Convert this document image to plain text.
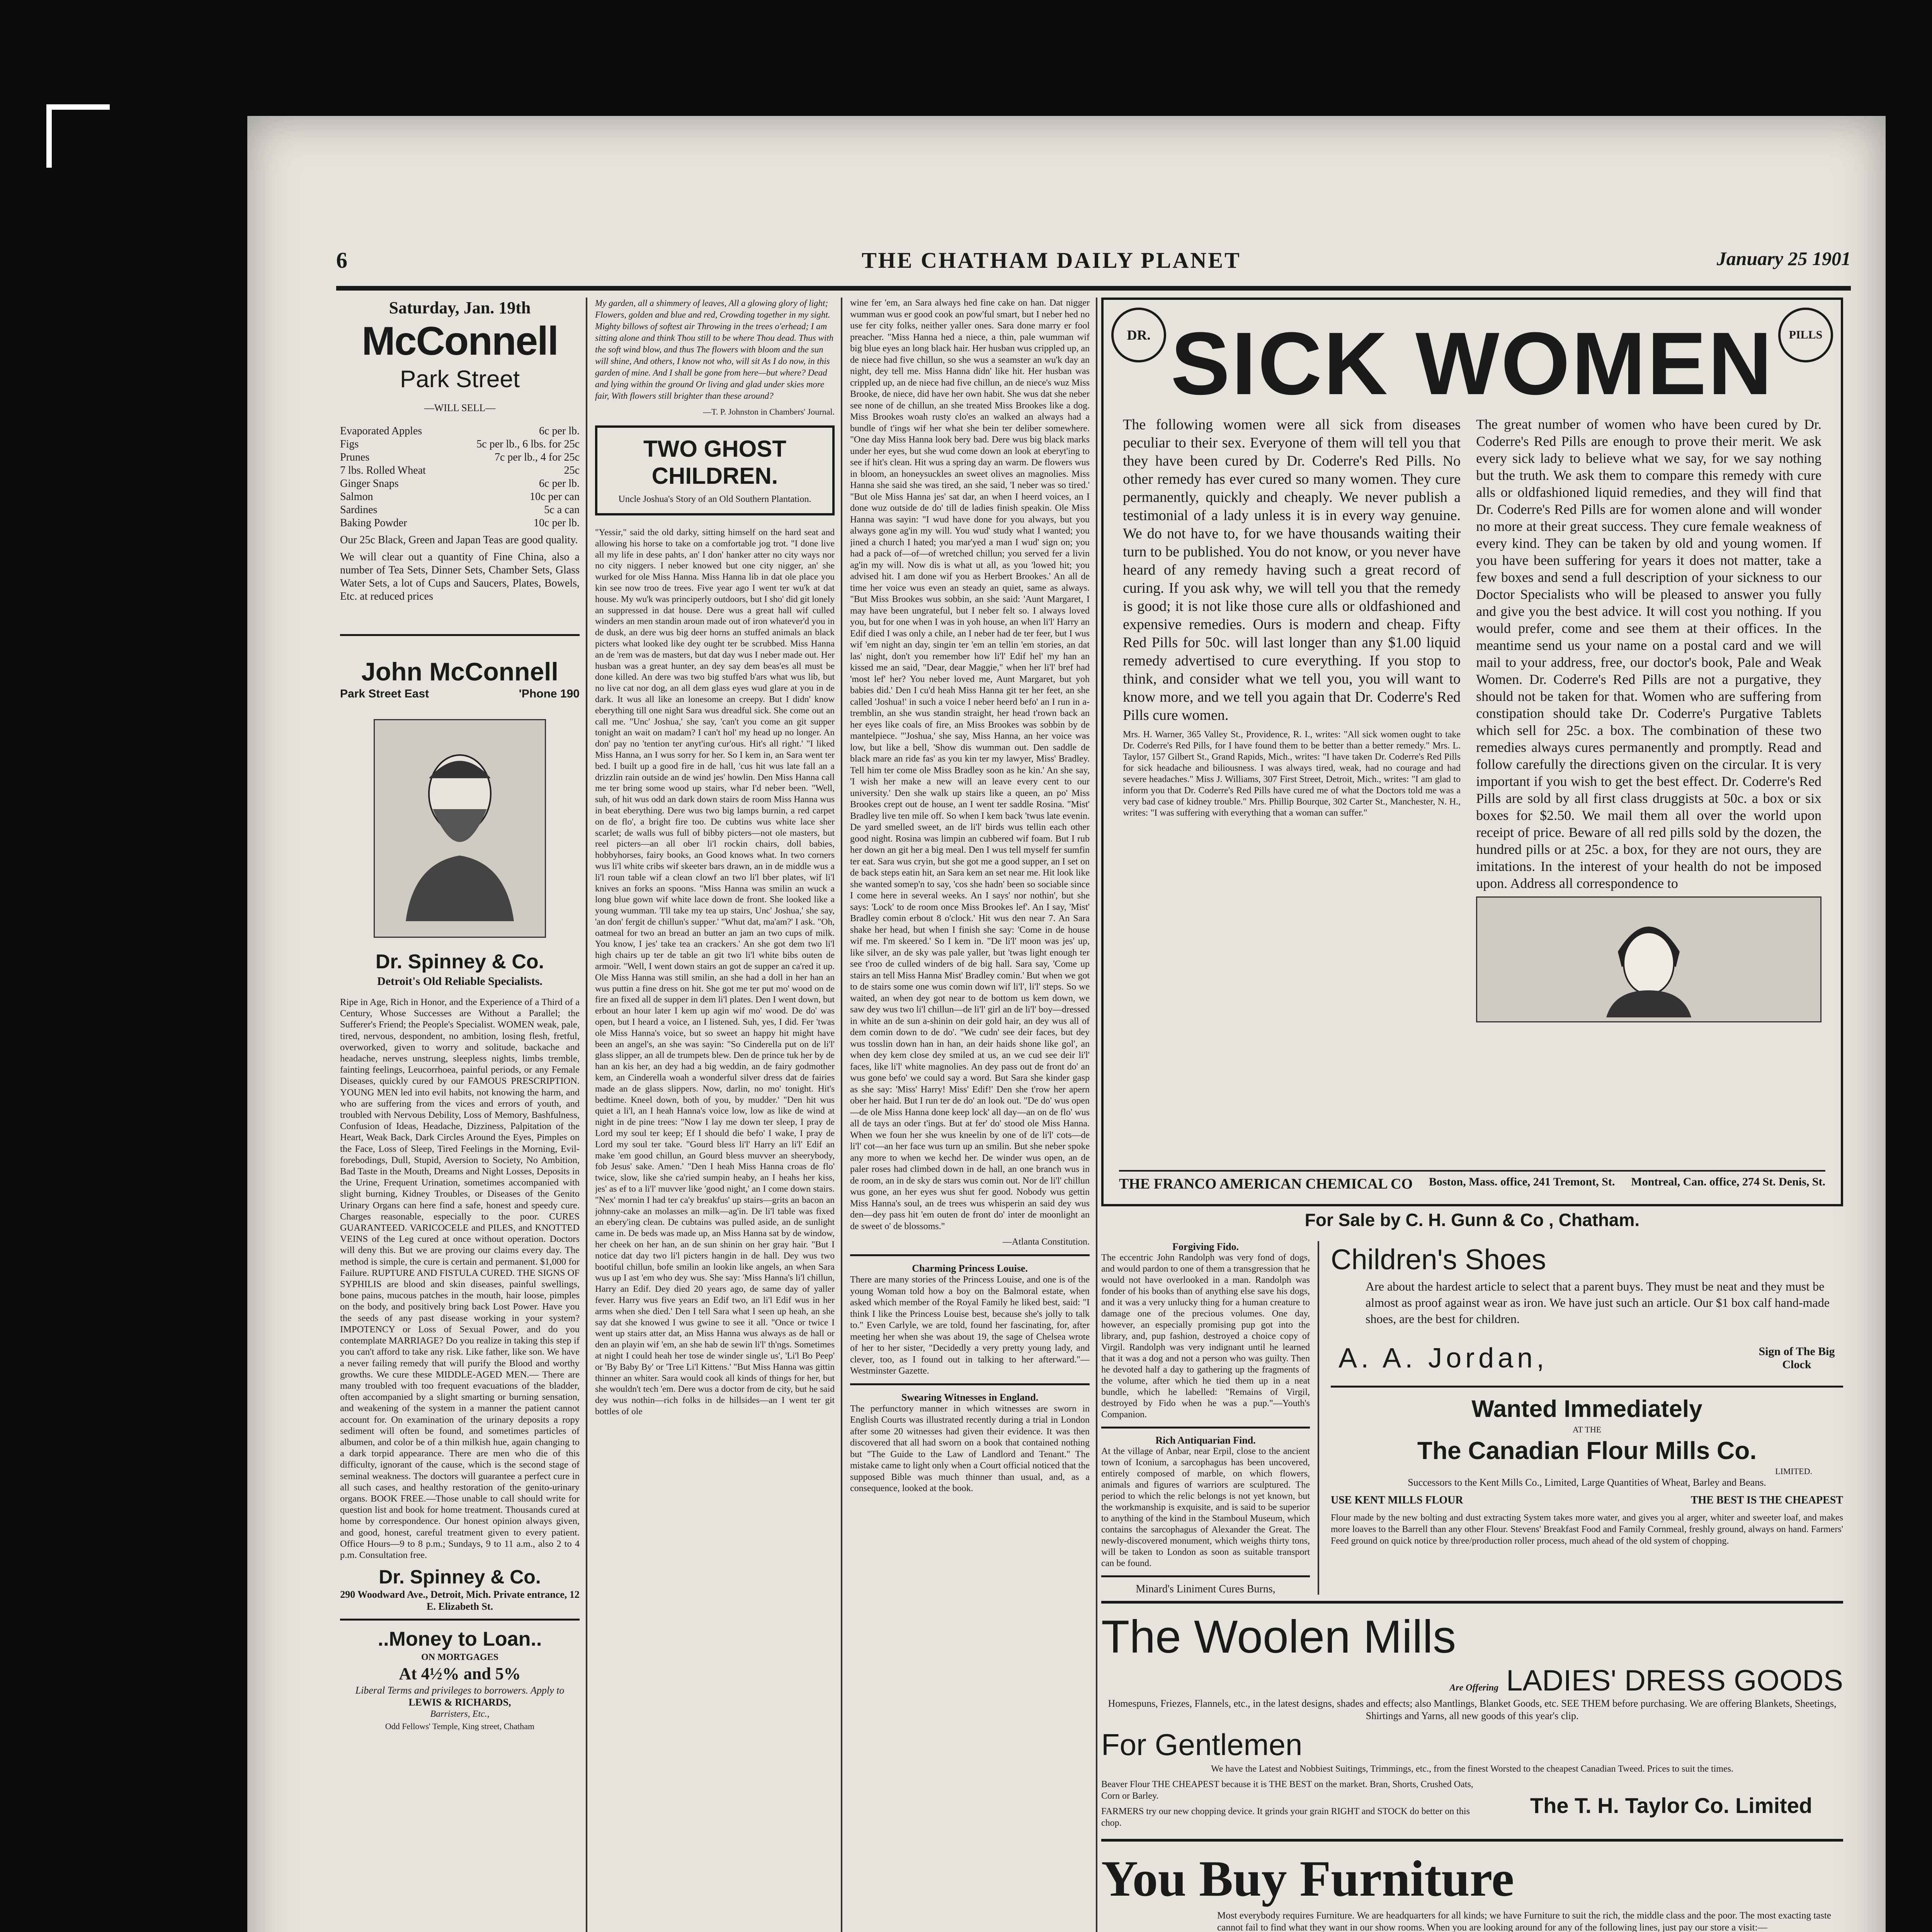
6	THE CHATHAM DAILY PLANET	January 25 1901
Saturday, Jan. 19th
McConnell
Park Street
—WILL SELL—
Evaporated Apples	6c per lb.
Figs	5c per lb., 6 lbs. for 25c
Prunes	7c per lb., 4 for 25c
7 lbs. Rolled Wheat	25c
Ginger Snaps	6c per lb.
Salmon	10c per can
Sardines	5c a can
Baking Powder	10c per lb.

Our 25c Black, Green and Japan Teas are good quality.

We will clear out a quantity of Fine China, also a number of Tea Sets, Dinner Sets, Chamber Sets, Glass Water Sets, a lot of Cups and Saucers, Plates, Bowels, Etc. at reduced prices

John McConnell
Park Street East	'Phone 190
Dr. Spinney & Co.
Detroit's Old Reliable Specialists.

Ripe in Age, Rich in Honor, and the Experience of a Third of a Century, Whose Successes are Without a Parallel; the Sufferer's Friend; the People's Specialist. WOMEN weak, pale, tired, nervous, despondent, no ambition, losing flesh, fretful, overworked, given to worry and solitude, backache and headache, nerves unstrung, sleepless nights, limbs tremble, fainting feelings, Leucorrhoea, painful periods, or any Female Diseases, quickly cured by our FAMOUS PRESCRIPTION. YOUNG MEN led into evil habits, not knowing the harm, and who are suffering from the vices and errors of youth, and troubled with Nervous Debility, Loss of Memory, Bashfulness, Confusion of Ideas, Headache, Dizziness, Palpitation of the Heart, Weak Back, Dark Circles Around the Eyes, Pimples on the Face, Loss of Sleep, Tired Feelings in the Morning, Evil-forebodings, Dull, Stupid, Aversion to Society, No Ambition, Bad Taste in the Mouth, Dreams and Night Losses, Deposits in the Urine, Frequent Urination, sometimes accompanied with slight burning, Kidney Troubles, or Diseases of the Genito Urinary Organs can here find a safe, honest and speedy cure. Charges reasonable, especially to the poor. CURES GUARANTEED. VARICOCELE and PILES, and KNOTTED VEINS of the Leg cured at once without operation. Doctors will deny this. But we are proving our claims every day. The method is simple, the cure is certain and permanent. $1,000 for Failure. RUPTURE AND FISTULA CURED. THE SIGNS OF SYPHILIS are blood and skin diseases, painful swellings, bone pains, mucous patches in the mouth, hair loose, pimples on the body, and positively bring back Lost Power. Have you the seeds of any past disease working in your system? IMPOTENCY or Loss of Sexual Power, and do you contemplate MARRIAGE? Do you realize in taking this step if you can't afford to take any risk. Like father, like son. We have a never failing remedy that will purify the Blood and worthy growths. We cure these MIDDLE-AGED MEN.— There are many troubled with too frequent evacuations of the bladder, often accompanied by a slight smarting or burning sensation, and weakening of the system in a manner the patient cannot account for. On examination of the urinary deposits a ropy sediment will often be found, and sometimes particles of albumen, and color be of a thin milkish hue, again changing to a dark torpid appearance. There are men who die of this difficulty, ignorant of the cause, which is the second stage of seminal weakness. The doctors will guarantee a perfect cure in all such cases, and healthy restoration of the genito-urinary organs. BOOK FREE.—Those unable to call should write for question list and book for home treatment. Thousands cured at home by correspondence. Our honest opinion always given, and good, honest, careful treatment given to every patient. Office Hours—9 to 8 p.m.; Sundays, 9 to 11 a.m., also 2 to 4 p.m. Consultation free.

Dr. Spinney & Co.
290 Woodward Ave., Detroit, Mich. Private entrance, 12 E. Elizabeth St.
..Money to Loan..
ON MORTGAGES
At 4½% and 5%
Liberal Terms and privileges to borrowers. Apply to
LEWIS & RICHARDS,
Barristers, Etc.,
Odd Fellows' Temple, King street, Chatham

My garden, all a shimmery of leaves, All a glowing glory of light; Flowers, golden and blue and red, Crowding together in my sight. Mighty billows of softest air Throwing in the trees o'erhead; I am sitting alone and think Thou still to be where Thou dead. Thus with the soft wind blow, and thus The flowers with bloom and the sun will shine, And others, I know not who, will sit As I do now, in this garden of mine. And I shall be gone from here—but where? Dead and lying within the ground Or living and glad under skies more fair, With flowers still brighter than these around?

—T. P. Johnston in Chambers' Journal.

TWO GHOST CHILDREN.
Uncle Joshua's Story of an Old Southern Plantation.

"Yessir," said the old darky, sitting himself on the hard seat and allowing his horse to take on a comfortable jog trot. "I done live all my life in dese pahts, an' I don' hanker atter no city ways nor no city niggers. I neber knowed but one city nigger, an' she wurked for ole Miss Hanna. Miss Hanna lib in dat ole place you kin see now troo de trees. Five year ago I went ter wu'k at dat house. My wu'k was principerly outdoors, but I sho' did git lonely an suppressed in dat house. Dere wus a great hall wif culled winders an men standin aroun made out of iron whatever'd you in de dusk, an dere wus big deer horns an stuffed animals an black picters what looked like dey ought ter be scrubbed. Miss Hanna an de 'rem was de masters, but dat day wus I neber made out. Her husban was a great hunter, an dey say dem beas'es all must be done killed. An dere was two big stuffed b'ars what wus lib, but no live cat nor dog, an all dem glass eyes wud glare at you in de dark. It wus all like an lonesome an creepy. But I didn' know eberything till one night Sara wus dreadful sick. She come out an call me. "Unc' Joshua,' she say, 'can't you come an git supper tonight an wait on madam? I can't hol' my head up no longer. An don' pay no 'tention ter anyt'ing cur'ous. Hit's all right.' "I liked Miss Hanna, an I wus sorry for her. So I kem in, an Sara went ter bed. I built up a good fire in de hall, 'cus hit wus late fall an a drizzlin rain outside an de wind jes' howlin. Den Miss Hanna call me ter bring some wood up stairs, whar I'd neber been. "Well, suh, of hit wus odd an dark down stairs de room Miss Hanna wus in beat eberything. Dere wus two big lamps burnin, a red carpet on de flo', a bright fire too. De cubtins wus white lace sher scarlet; de walls wus full of bibby picters—not ole masters, but reel picters—an all ober li'l rockin chairs, doll babies, hobbyhorses, fairy books, an Good knows what. In two corners wus li'l white cribs wif skeeter bars drawn, an in de middle wus a li'l roun table wif a clean clowf an two li'l bber plates, wif li'l knives an forks an spoons. "Miss Hanna was smilin an wuck a long blue gown wif white lace down de front. She looked like a young wumman. 'I'll take my tea up stairs, Unc' Joshua,' she say, 'an don' fergit de chillun's supper.' "Whut dat, ma'am?' I ask. "Oh, oatmeal for two an bread an butter an jam an two cups of milk. You know, I jes' take tea an crackers.' An she got dem two li'l high chairs up ter de table an git two li'l white bibs outen de armoir. "Well, I went down stairs an got de supper an ca'red it up. Ole Miss Hanna was still smilin, an she had a doll in her han an wus puttin a fine dress on hit. She got me ter put mo' wood on de fire an fixed all de supper in dem li'l plates. Den I went down, but erbout an hour later I kem up agin wif mo' wood. De do' was open, but I heard a voice, an I listened. Suh, yes, I did. Fer 'twas ole Miss Hanna's voice, but so sweet an happy hit might have been an angel's, an she was sayin: "So Cinderella put on de li'l' glass slipper, an all de trumpets blew. Den de prince tuk her by de han an kis her, an dey had a big weddin, an de fairy godmother kem, an Cinderella woah a wonderful silver dress dat de fairies made an de glass slippers. Now, darlin, no mo' tonight. Hit's bedtime. Kneel down, both of you, by mudder.' "Den hit wus quiet a li'l, an I heah Hanna's voice low, low as like de wind at night in de pine trees: "Now I lay me down ter sleep, I pray de Lord my soul ter keep; Ef I should die befo' I wake, I pray de Lord my soul ter take. "Gourd bless li'l' Harry an li'l' Edif an make 'em good chillun, an Gourd bless muvver an sheerybody, fob Jesus' sake. Amen.' "Den I heah Miss Hanna croas de flo' twice, slow, like she ca'ried sumpin heaby, an I heahs her kiss, jes' as ef to a li'l' muvver like 'good night,' an I come down stairs. "Nex' mornin I had ter ca'y breakfus' up stairs—grits an bacon an johnny-cake an molasses an milk—ag'in. De li'l table was fixed an ebery'ing clean. De cubtains was pulled aside, an de sunlight came in. De beds was made up, an Miss Hanna sat by de window, her cheek on her han, an de sun shinin on her gray hair. "But I notice dat day two li'l picters hangin in de hall. Dey wus two bootiful chillun, bofe smilin an lookin like angels, an when Sara wus up I ast 'em who dey wus. She say: 'Miss Hanna's li'l chillun, Harry an Edif. Dey died 20 years ago, de same day of yaller fever. Harry wus five years an Edif two, an li'l Edif wus in her arms when she died.' Den I tell Sara what I seen up heah, an she say dat she knowed I wus gwine to see it all. "Once or twice I went up stairs atter dat, an Miss Hanna wus always as de hall or den an playin wif 'em, an she hab de sewin li'l' th'ngs. Sometimes at night I could heah her tose de winder single us', 'Li'l Bo Peep' or 'By Baby By' or 'Tree Li'l Kittens.' "But Miss Hanna was gittin thinner an whiter. Sara would cook all kinds of things for her, but she wouldn't tech 'em. Dere wus a doctor from de city, but he said dey wus nothin—rich folks in de hillsides—an I went ter git bottles of ole

wine fer 'em, an Sara always hed fine cake on han. Dat nigger wumman wus er good cook an pow'ful smart, but I neber hed no use fer city folks, neither yaller ones. Sara done marry er fool preacher. "Miss Hanna hed a niece, a thin, pale wumman wif big blue eyes an long black hair. Her husban wus crippled up, an de niece had five chillun, so she wus a seamster an wu'k day an night, dey tell me. Miss Hanna didn' like hit. Her husban was crippled up, an de niece had five chillun, an de niece's wuz Miss Brooke, de niece, did have her own habit. She wus dat she neber see none of de chillun, an she treated Miss Brookes like a dog. Miss Brookes woah rusty clo'es an walked an always had a bundle of t'ings wif her what she bein ter deliber somewhere. "One day Miss Hanna look bery bad. Dere wus big black marks under her eyes, but she wud come down an look at eberyt'ing to see if hit's clean. Hit wus a spring day an warm. De flowers wus in bloom, an honeysuckles an sweet olives an magnolies. Miss Hanna she said she was tired, an she said, 'I neber was so tired.' "But ole Miss Hanna jes' sat dar, an when I heerd voices, an I done wuz outside de do' till de ladies finish speakin. Ole Miss Hanna was sayin: "I wud have done for you always, but you always gone ag'in my will. You wud' study what I wanted; you jined a church I hated; you mar'yed a man I wud' sign on; you had a pack of—of—of wretched chillun; you served fer a livin ag'in my will. Now dis is what ut all, as you 'lowed hit; you advised hit. I am done wif you as Herbert Brookes.' An all de time her voice wus even an steady an quiet, same as always. "But Miss Brookes wus sobbin, an she said: 'Aunt Margaret, I may have been ungrateful, but I neber felt so. I always loved you, but for one when I was in yoh house, an when li'l' Harry an Edif died I was only a chile, an I neber had de ter feer, but I wus wif 'em night an day, singin ter 'em an tellin 'em stories, an dat las' night, don't you remember how li'l' Edif hel' my han an kissed me an said, "Dear, dear Maggie," when her li'l' bref had 'most lef' her? You neber loved me, Aunt Margaret, but yoh babies did.' Den I cu'd heah Miss Hanna git ter her feet, an she called 'Joshua!' in such a voice I neber heerd befo' an I run in a-tremblin, an she wus standin straight, her head t'rown back an her eyes like coals of fire, an Miss Brookes was sobbin by de mantelpiece. "'Joshua,' she say, Miss Hanna, an her voice was low, but like a bell, 'Show dis wumman out. Den saddle de black mare an ride fas' as you kin ter my lawyer, Miss' Bradley. Tell him ter come ole Miss Bradley soon as he kin.' An she say, 'I wish her make a new will an leave every cent to our university.' Den she walk up stairs like a queen, an po' Miss Brookes crept out de house, an I went ter saddle Rosina. "Mist' Bradley live ten mile off. So when I kem back 'twus late evenin. De yard smelled sweet, an de li'l' birds wus tellin each other good night. Rosina was limpin an cubbered wif foam. But I rub her down an git her a big meal. Den I wus tell myself fer sumfin ter eat. Sara wus cryin, but she got me a good supper, an I set on de back steps eatin hit, an Sara kem an set near me. Hit look like she wanted somep'n to say, 'cos she hadn' been so sociable since I come here in several weeks. An I says' nor nothin', but she says: 'Lock' to de room once Miss Brookes lef'. An I say, 'Mist' Bradley comin erbout 8 o'clock.' Hit wus den near 7. An Sara shake her head, but when I finish she say: 'Come in de house wif me. I'm skeered.' So I kem in. "De li'l' moon was jes' up, like silver, an de sky was pale yaller, but 'twas light enough ter see t'roo de culled winders of de big hall. Sara say, 'Come up stairs an tell Miss Hanna Mist' Bradley comin.' But when we got to de stairs some one wus comin down wif li'l', li'l' steps. So we waited, an when dey got near to de bottom us kem down, we saw dey wus two li'l chillun—de li'l' girl an de li'l' boy—dressed in white an de sun a-shinin on deir gold hair, an dey wus all of dem comin down to de do'. "We cudn' see deir faces, but dey wus tosslin down han in han, an deir haids shone like gol', an when dey kem close dey smiled at us, an we cud see deir li'l' faces, like li'l' white magnolies. An dey pass out de front do' an wus gone befo' we could say a word. But Sara she kinder gasp as she say: 'Miss' Harry! Miss' Edif!' Den she t'row her apern ober her haid. But I run ter de do' an look out. "De do' wus open—de ole Miss Hanna done keep lock' all day—an on de flo' wus all de tays an oder t'ings. But at fer' do' stood ole Miss Hanna. When we foun her she wus kneelin by one of de li'l' cots—de li'l' cot—an her face wus turn up an smilin. But she neber spoke any more to when we kechd her. De winder wus open, an de paler roses had climbed down in de hall, an one branch wus in de room, an in de sky de stars wus comin out. Nor de li'l' chillun wus gone, an her eyes wus shut fer good. Nobody wus gettin Miss Hanna's soul, an de trees wus whisperin an said dey wus den—dey pass hit 'em outen de front do' inter de moonlight an de sweet o' de blossoms."

—Atlanta Constitution.

Charming Princess Louise.

There are many stories of the Princess Louise, and one is of the young Woman told how a boy on the Balmoral estate, when asked which member of the Royal Family he liked best, said: "I think I like the Princess Louise best, because she's jolly to talk to." Even Carlyle, we are told, found her fascinating, for, after meeting her when she was about 19, the sage of Chelsea wrote of her to her sister, "Decidedly a very pretty young lady, and clever, too, as I found out in talking to her afterward."—Westminster Gazette.

Swearing Witnesses in England.

The perfunctory manner in which witnesses are sworn in English Courts was illustrated recently during a trial in London after some 20 witnesses had given their evidence. It was then discovered that all had sworn on a book that contained nothing but "The Guide to the Law of Landlord and Tenant." The mistake came to light only when a Court official noticed that the supposed Bible was much thinner than usual, and, as a consequence, looked at the book.

DR.	PILLS
SICK WOMEN

The following women were all sick from diseases peculiar to their sex. Everyone of them will tell you that they have been cured by Dr. Coderre's Red Pills. No other remedy has ever cured so many women. They cure permanently, quickly and cheaply. We never publish a testimonial of a lady unless it is in every way genuine. We do not have to, for we have thousands waiting their turn to be published. You do not know, or you never have heard of any remedy having such a great record of curing. If you ask why, we will tell you that the remedy is good; it is not like those cure alls or oldfashioned and expensive remedies. Ours is modern and cheap. Fifty Red Pills for 50c. will last longer than any $1.00 liquid remedy advertised to cure everything. If you stop to think, and consider what we tell you, you will want to know more, and we tell you again that Dr. Coderre's Red Pills cure women.

Mrs. H. Warner, 365 Valley St., Providence, R. I., writes: "All sick women ought to take Dr. Coderre's Red Pills, for I have found them to be better than a better remedy." Mrs. L. Taylor, 157 Gilbert St., Grand Rapids, Mich., writes: "I have taken Dr. Coderre's Red Pills for sick headache and biliousness. I was always tired, weak, had no courage and had severe headaches." Miss J. Williams, 307 First Street, Detroit, Mich., writes: "I am glad to inform you that Dr. Coderre's Red Pills have cured me of what the Doctors told me was a very bad case of kidney trouble." Mrs. Phillip Bourque, 302 Carter St., Manchester, N. H., writes: "I was suffering with everything that a woman can suffer."

The great number of women who have been cured by Dr. Coderre's Red Pills are enough to prove their merit. We ask every sick lady to believe what we say, for we say nothing but the truth. We ask them to compare this remedy with cure alls or oldfashioned liquid remedies, and they will find that Dr. Coderre's Red Pills are for women alone and will wonder no more at their great success. They cure female weakness of every kind. They can be taken by old and young women. If you have been suffering for years it does not matter, take a few boxes and send a full description of your sickness to our Doctor Specialists who will be pleased to answer you fully and give you the best advice. It will cost you nothing. If you would prefer, come and see them at their offices. In the meantime send us your name on a postal card and we will mail to your address, free, our doctor's book, Pale and Weak Women. Dr. Coderre's Red Pills are not a purgative, they should not be taken for that. Women who are suffering from constipation should take Dr. Coderre's Purgative Tablets which sell for 25c. a box. The combination of these two remedies always cures permanently and promptly. Read and follow carefully the directions given on the circular. It is very important if you wish to get the best effect. Dr. Coderre's Red Pills are sold by all first class druggists at 50c. a box or six boxes for $2.50. We mail them all over the world upon receipt of price. Beware of all red pills sold by the dozen, the hundred pills or at 25c. a box, for they are not ours, they are imitations. In the interest of your health do not be imposed upon. Address all correspondence to

THE FRANCO AMERICAN CHEMICAL CO Boston, Mass. office, 241 Tremont, St. Montreal, Can. office, 274 St. Denis, St.
For Sale by C. H. Gunn & Co , Chatham.
Forgiving Fido.

The eccentric John Randolph was very fond of dogs, and would pardon to one of them a transgression that he would not have overlooked in a man. Randolph was fonder of his books than of anything else save his dogs, and it was a very unlucky thing for a human creature to damage one of the precious volumes. One day, however, an especially promising pup got into the library, and, pup fashion, destroyed a choice copy of Virgil. Randolph was very indignant until he learned that it was a dog and not a person who was guilty. Then he devoted half a day to gathering up the fragments of the volume, after which he tied them up in a neat bundle, which he labelled: "Remains of Virgil, destroyed by Fido when he was a pup."—Youth's Companion.

Rich Antiquarian Find.

At the village of Anbar, near Erpil, close to the ancient town of Iconium, a sarcophagus has been uncovered, entirely composed of marble, on which flowers, animals and figures of warriors are sculptured. The period to which the relic belongs is not yet known, but the workmanship is exquisite, and is said to be superior to anything of the kind in the Stamboul Museum, which contains the sarcophagus of Alexander the Great. The newly-discovered monument, which weighs thirty tons, will be taken to London as soon as suitable transport can be found.

Minard's Liniment Cures Burns,
Children's Shoes

Are about the hardest article to select that a parent buys. They must be neat and they must be almost as proof against wear as iron. We have just such an article. Our $1 box calf hand-made shoes, are the best for children.

A. A. Jordan,	Sign of The Big Clock
Wanted Immediately
AT THE
The Canadian Flour Mills Co.
LIMITED.
Successors to the Kent Mills Co., Limited, Large Quantities of Wheat, Barley and Beans.
USE KENT MILLS FLOUR	THE BEST IS THE CHEAPEST

Flour made by the new bolting and dust extracting System takes more water, and gives you al arger, whiter and sweeter loaf, and makes more loaves to the Barrell than any other Flour. Stevens' Breakfast Food and Family Cornmeal, freshly ground, always on hand. Farmers' Feed ground on quick notice by three/production roller process, much ahead of the old system of chopping.

The Woolen Mills
Are Offering LADIES' DRESS GOODS

Homespuns, Friezes, Flannels, etc., in the latest designs, shades and effects; also Mantlings, Blanket Goods, etc. SEE THEM before purchasing. We are offering Blankets, Sheetings, Shirtings and Yarns, all new goods of this year's clip.

For Gentlemen

We have the Latest and Nobbiest Suitings, Trimmings, etc., from the finest Worsted to the cheapest Canadian Tweed. Prices to suit the times.

Beaver Flour THE CHEAPEST because it is THE BEST on the market. Bran, Shorts, Crushed Oats, Corn or Barley.

FARMERS try our new chopping device. It grinds your grain RIGHT and STOCK do better on this chop.

The T. H. Taylor Co. Limited
You Buy Furniture

Most everybody requires Furniture. We are headquarters for all kinds; we have Furniture to suit the rich, the middle class and the poor. The most exacting taste cannot fail to find what they want in our show rooms. When you are looking around for any of the following lines, just pay our store a visit:—
